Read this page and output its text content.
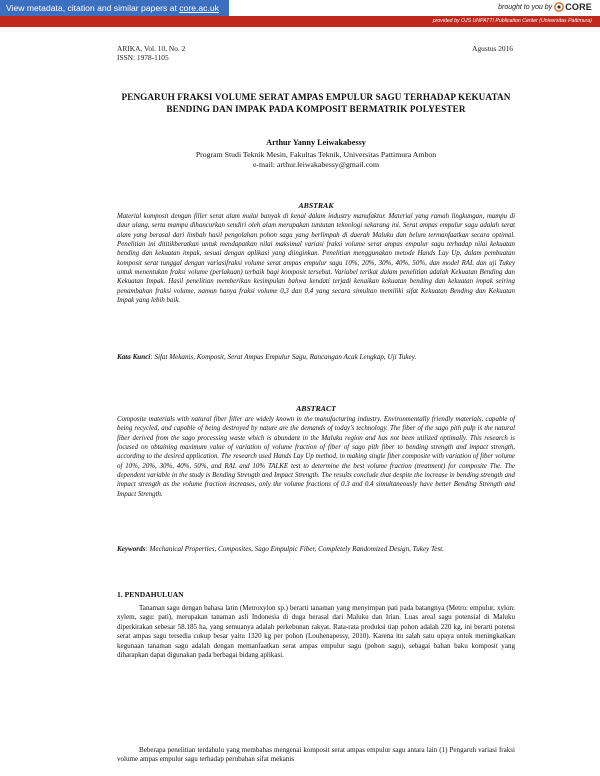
View metadata, citation and similar papers at core.ac.uk	brought to you by CORE
provided by OJS UNPATTI Publication Center (Universitas Pattimura)
ARIKA, Vol. 10, No. 2
ISSN: 1978-1105
Agustus 2016
PENGARUH FRAKSI VOLUME SERAT AMPAS EMPULUR SAGU TERHADAP KEKUATAN BENDING DAN IMPAK PADA KOMPOSIT BERMATRIK POLYESTER
Arthur Yanny Leiwakabessy
Program Studi Teknik Mesin, Fakultas Teknik, Universitas Pattimura Ambon
e-mail: arthur.leiwakabessy@gmail.com
ABSTRAK
Material komposit dengan filler serat alam mulai banyak di kenal dalam industry manufaktur. Material yang ramah lingkungan, mampu di daur ulang, serta mampu dihancurkan sendiri oleh alam merupakan tuntutan teknologi sekarang ini. Serat ampas empulur sagu adalah serat alam yang berasal dari limbah hasil pengolahan pohon sagu yang berlimpah di daerah Maluku dan belum termanfaatkan secara optimal. Penelitian ini dititikberatkan untuk mendapatkan nilai maksimal variasi fraksi volume serat ampas empulur sagu terhadap nilai kekuatan bending dan kekuatan impak, sesuai dengan aplikasi yang diinginkan. Penelitian menggunakan metode Hands Lay Up, dalam pembuatan komposit serat tunggal dengan variasifraksi volume serat ampas empulur sagu 10%, 20%, 30%, 40%, 50%, dan model RAL dan uji Tukey untuk menentukan fraksi volume (perlakuan) terbaik bagi komposit tersebut. Variabel terikat dalam penelitian adalah Kekuatan Bending dan Kekuatan Impak. Hasil penelitian memberikan kesimpulan bahwa kendati terjadi kenaikan kekuatan bending dan kekuatan impak seiring penambahan fraksi volume, namun hanya fraksi volume 0,3 dan 0,4 yang secara simultan memiliki sifat Kekuatan Bending dan Kekuatan Impak yang lebih baik.
Kata Kunci: Sifat Mekanis, Komposit, Serat Ampas Empulur Sagu, Rancangan Acak Lengkap, Uji Tukey.
ABSTRACT
Composite materials with natural fiber filler are widely known in the manufacturing industry. Environmentally friendly materials, capable of being recycled, and capable of being destroyed by nature are the demands of today's technology. The fiber of the sago pith pulp is the natural fiber derived from the sago processing waste which is abundant in the Maluku region and has not been utilized optimally. This research is focused on obtaining maximum value of variation of volume fraction of fiber of sago pith fiber to bending strength and impact strength, according to the desired application. The research used Hands Lay Up method, in making single fiber composite with variation of fiber volume of 10%, 20%, 30%, 40%, 50%, and RAL and 10% TALKE test to determine the best volume fraction (treatment) for composite The. The dependent variable in the study is Bending Strength and Impact Strength. The results conclude that despite the increase in bending strength and impact strength as the volume fraction increases, only the volume fractions of 0.3 and 0.4 simultaneously have better Bending Strength and Impact Strength.
Keywords: Mechanical Properties, Composites, Sago Empulpic Fiber, Completely Randomized Design, Tukey Test.
1. PENDAHULUAN
Tanaman sagu dengan bahasa latin (Metroxylon sp.) berarti tanaman yang menyimpan pati pada batangnya (Metro: empulur, xylon: xylem, sagu: pati), merupakan tanaman asli Indonesia di duga berasal dari Maluku dan Irian. Luas areal sagu potensial di Maluku diperkirakan sebesar 58.185 ha, yang semuanya adalah perkebunan rakyat. Rata-rata produksi tiap pohon adalah 220 kg, ini berarti potensi serat ampas sagu tersedia cukup besar yaitu 1320 kg per pohon (Louhenapessy, 2010). Karena itu salah satu upaya untuk meningkatkan kegunaan tanaman sagu adalah dengan memanfaatkan serat ampas empulur sagu (pohon sagu), sebagai bahan baku komposit yang diharapkan dapat digunakan pada berbagai bidang aplikasi.
Beberapa penelitian terdahulu yang membahas mengenai komposit serat ampas empulur sagu antara lain (1) Pengaruh variasi fraksi volume ampas empulur sagu terhadap perubahan sifat mekanis
